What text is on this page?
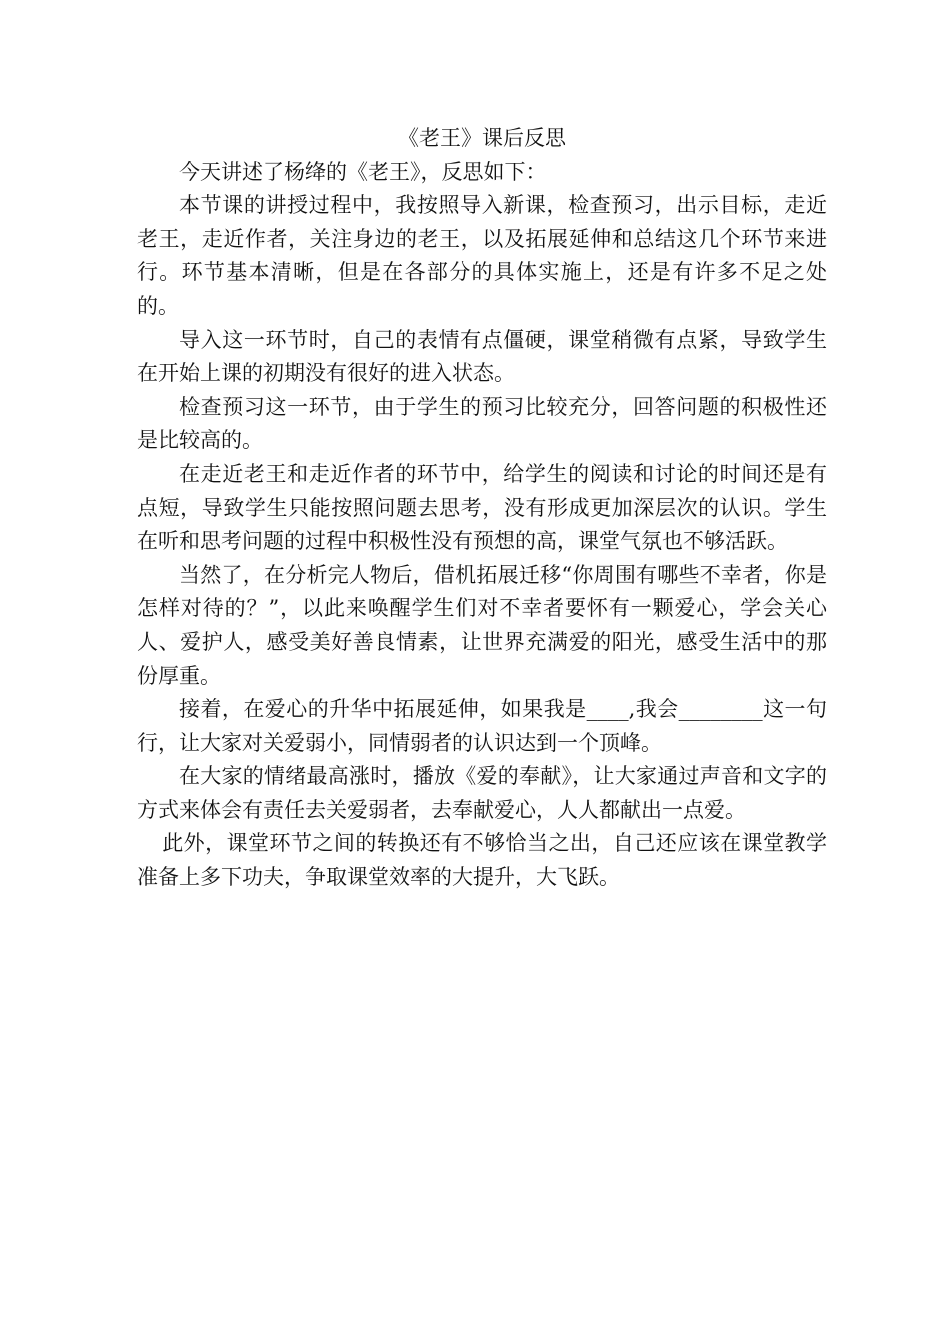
《老王》课后反思

今天讲述了杨绛的《老王》，反思如下：

本节课的讲授过程中，我按照导入新课，检查预习，出示目标，走近老王，走近作者，关注身边的老王，以及拓展延伸和总结这几个环节来进行。环节基本清晰，但是在各部分的具体实施上，还是有许多不足之处的。

导入这一环节时，自己的表情有点僵硬，课堂稍微有点紧，导致学生在开始上课的初期没有很好的进入状态。

检查预习这一环节，由于学生的预习比较充分，回答问题的积极性还是比较高的。

在走近老王和走近作者的环节中，给学生的阅读和讨论的时间还是有点短，导致学生只能按照问题去思考，没有形成更加深层次的认识。学生在听和思考问题的过程中积极性没有预想的高，课堂气氛也不够活跃。

当然了，在分析完人物后，借机拓展迁移“你周围有哪些不幸者，你是怎样对待的？”，以此来唤醒学生们对不幸者要怀有一颗爱心，学会关心人、爱护人，感受美好善良情素，让世界充满爱的阳光，感受生活中的那份厚重。

接着，在爱心的升华中拓展延伸，如果我是____,我会________这一句行，让大家对关爱弱小，同情弱者的认识达到一个顶峰。

在大家的情绪最高涨时，播放《爱的奉献》，让大家通过声音和文字的方式来体会有责任去关爱弱者，去奉献爱心，人人都献出一点爱。

此外，课堂环节之间的转换还有不够恰当之出，自己还应该在课堂教学准备上多下功夫，争取课堂效率的大提升，大飞跃。
